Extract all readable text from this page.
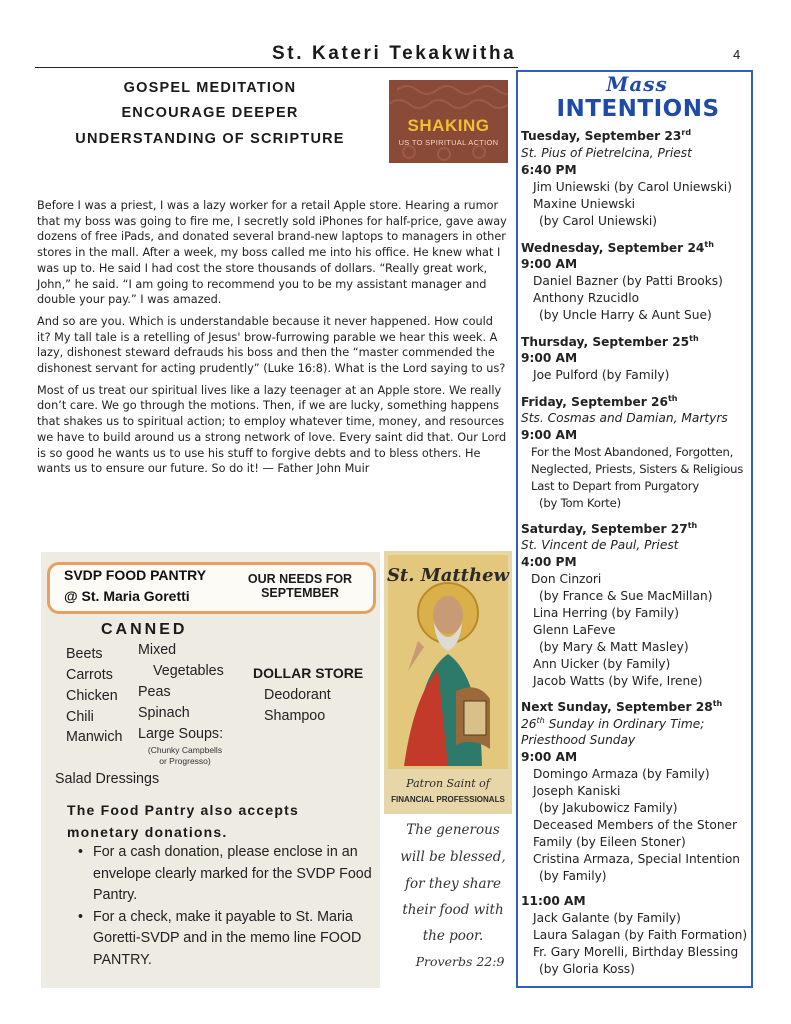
St. Kateri Tekakwitha	4
GOSPEL MEDITATION
ENCOURAGE DEEPER
UNDERSTANDING OF SCRIPTURE
SHAKING
US TO SPIRITUAL ACTION

Before I was a priest, I was a lazy worker for a retail Apple store. Hearing a rumor that my boss was going to fire me, I secretly sold iPhones for half-price, gave away dozens of free iPads, and donated several brand-new laptops to managers in other stores in the mall. After a week, my boss called me into his office. He knew what I was up to. He said I had cost the store thousands of dollars. “Really great work, John,” he said. “I am going to recommend you to be my assistant manager and double your pay.” I was amazed.

And so are you. Which is understandable because it never happened. How could it? My tall tale is a retelling of Jesus' brow-furrowing parable we hear this week. A lazy, dishonest steward defrauds his boss and then the “master commended the dishonest servant for acting prudently” (Luke 16:8). What is the Lord saying to us?

Most of us treat our spiritual lives like a lazy teenager at an Apple store. We really don’t care. We go through the motions. Then, if we are lucky, something happens that shakes us to spiritual action; to employ whatever time, money, and resources we have to build around us a strong network of love. Every saint did that. Our Lord is so good he wants us to use his stuff to forgive debts and to bless others. He wants us to ensure our future. So do it! — Father John Muir

SVDP FOOD PANTRY
@ St. Maria Goretti
OUR NEEDS FOR
SEPTEMBER
CANNED
Beets
Carrots
Chicken
Chili
Manwich
Mixed
Vegetables
Peas
Spinach
Large Soups:
(Chunky Campbells
or Progresso)
Salad Dressings
DOLLAR STORE
Deodorant
Shampoo
The Food Pantry also accepts
monetary donations.
• For a cash donation, please enclose in an envelope clearly marked for the SVDP Food Pantry.
• For a check, make it payable to St. Maria Goretti-SVDP and in the memo line FOOD PANTRY.
St. Matthew
Patron Saint of
FINANCIAL PROFESSIONALS
The generous
will be blessed,
for they share
their food with
the poor.
Proverbs 22:9
Mass
INTENTIONS
Tuesday, September 23rd
St. Pius of Pietrelcina, Priest
6:40 PM
Jim Uniewski (by Carol Uniewski)
Maxine Uniewski
(by Carol Uniewski)
Wednesday, September 24th
9:00 AM
Daniel Bazner (by Patti Brooks)
Anthony Rzucidlo
(by Uncle Harry & Aunt Sue)
Thursday, September 25th
9:00 AM
Joe Pulford (by Family)
Friday, September 26th
Sts. Cosmas and Damian, Martyrs
9:00 AM
For the Most Abandoned, Forgotten,
Neglected, Priests, Sisters & Religious
Last to Depart from Purgatory
(by Tom Korte)
Saturday, September 27th
St. Vincent de Paul, Priest
4:00 PM
Don Cinzori
(by France & Sue MacMillan)
Lina Herring (by Family)
Glenn LaFeve
(by Mary & Matt Masley)
Ann Uicker (by Family)
Jacob Watts (by Wife, Irene)
Next Sunday, September 28th
26th Sunday in Ordinary Time;
Priesthood Sunday
9:00 AM
Domingo Armaza (by Family)
Joseph Kaniski
(by Jakubowicz Family)
Deceased Members of the Stoner
Family (by Eileen Stoner)
Cristina Armaza, Special Intention
(by Family)
11:00 AM
Jack Galante (by Family)
Laura Salagan (by Faith Formation)
Fr. Gary Morelli, Birthday Blessing
(by Gloria Koss)
